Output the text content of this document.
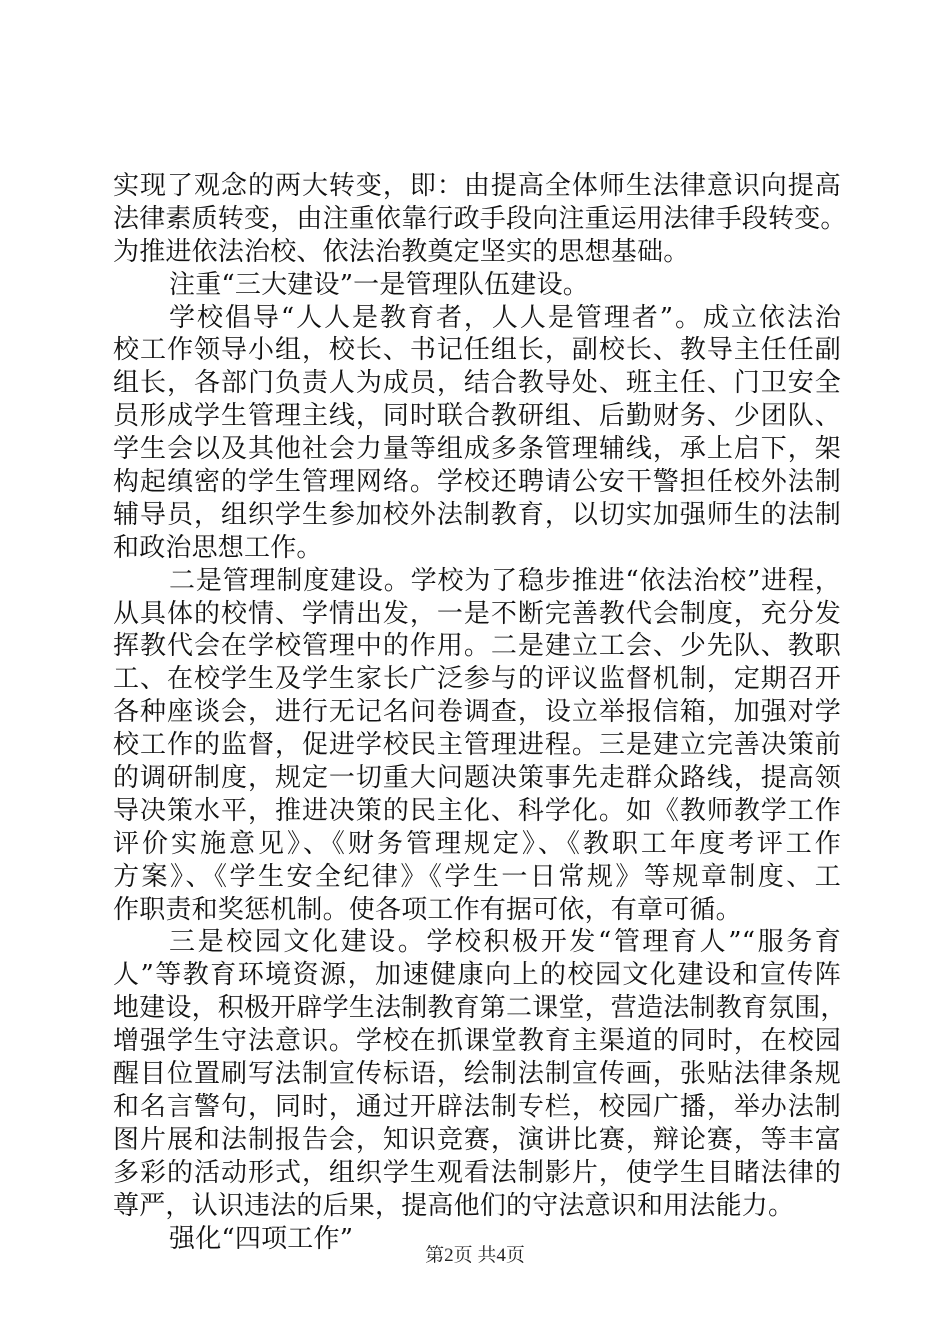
实现了观念的两大转变，即：由提高全体师生法律意识向提高
法律素质转变，由注重依靠行政手段向注重运用法律手段转变。
为推进依法治校、依法治教奠定坚实的思想基础。
注重“三大建设”一是管理队伍建设。
学校倡导“人人是教育者，人人是管理者”。成立依法治
校工作领导小组，校长、书记任组长，副校长、教导主任任副
组长，各部门负责人为成员，结合教导处、班主任、门卫安全
员形成学生管理主线，同时联合教研组、后勤财务、少团队、
学生会以及其他社会力量等组成多条管理辅线，承上启下，架
构起缜密的学生管理网络。学校还聘请公安干警担任校外法制
辅导员，组织学生参加校外法制教育，以切实加强师生的法制
和政治思想工作。
二是管理制度建设。学校为了稳步推进“依法治校”进程，
从具体的校情、学情出发，一是不断完善教代会制度，充分发
挥教代会在学校管理中的作用。二是建立工会、少先队、教职
工、在校学生及学生家长广泛参与的评议监督机制，定期召开
各种座谈会，进行无记名问卷调查，设立举报信箱，加强对学
校工作的监督，促进学校民主管理进程。三是建立完善决策前
的调研制度，规定一切重大问题决策事先走群众路线，提高领
导决策水平，推进决策的民主化、科学化。如《教师教学工作
评价实施意见》、《财务管理规定》、《教职工年度考评工作
方案》、《学生安全纪律》《学生一日常规》等规章制度、工
作职责和奖惩机制。使各项工作有据可依，有章可循。
三是校园文化建设。学校积极开发“管理育人”“服务育
人”等教育环境资源，加速健康向上的校园文化建设和宣传阵
地建设，积极开辟学生法制教育第二课堂，营造法制教育氛围，
增强学生守法意识。学校在抓课堂教育主渠道的同时，在校园
醒目位置刷写法制宣传标语，绘制法制宣传画，张贴法律条规
和名言警句，同时，通过开辟法制专栏，校园广播，举办法制
图片展和法制报告会，知识竞赛，演讲比赛，辩论赛，等丰富
多彩的活动形式，组织学生观看法制影片，使学生目睹法律的
尊严，认识违法的后果，提高他们的守法意识和用法能力。
强化“四项工作”
第2页 共4页
